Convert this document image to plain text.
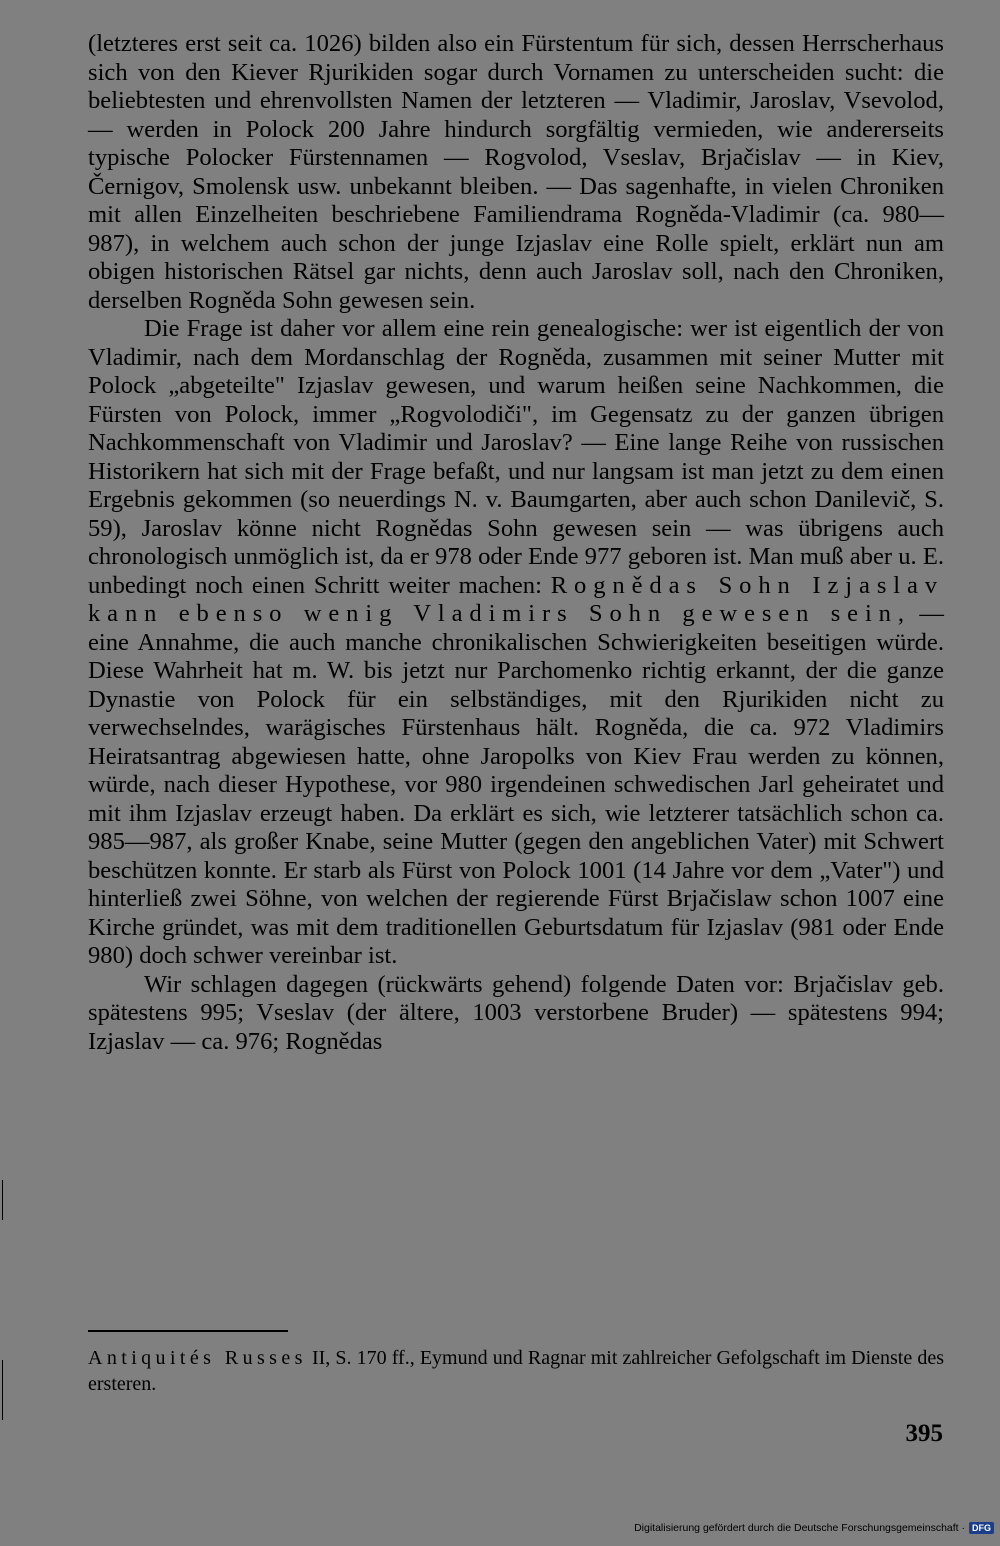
(letzteres erst seit ca. 1026) bilden also ein Fürstentum für sich, dessen Herrscherhaus sich von den Kiever Rjurikiden sogar durch Vornamen zu unterscheiden sucht: die beliebtesten und ehrenvollsten Namen der letzteren — Vladimir, Jaroslav, Vsevolod, — werden in Polock 200 Jahre hindurch sorgfältig vermieden, wie andererseits typische Polocker Fürstennamen — Rogvolod, Vseslav, Brjačislav — in Kiev, Černigov, Smolensk usw. unbekannt bleiben. — Das sagenhafte, in vielen Chroniken mit allen Einzelheiten beschriebene Familiendrama Rogněda-Vladimir (ca. 980—987), in welchem auch schon der junge Izjaslav eine Rolle spielt, erklärt nun am obigen historischen Rätsel gar nichts, denn auch Jaroslav soll, nach den Chroniken, derselben Rogněda Sohn gewesen sein.

Die Frage ist daher vor allem eine rein genealogische: wer ist eigentlich der von Vladimir, nach dem Mordanschlag der Rogněda, zusammen mit seiner Mutter mit Polock „abgeteilte" Izjaslav gewesen, und warum heißen seine Nachkommen, die Fürsten von Polock, immer „Rogvolodiči", im Gegensatz zu der ganzen übrigen Nachkommenschaft von Vladimir und Jaroslav? — Eine lange Reihe von russischen Historikern hat sich mit der Frage befaßt, und nur langsam ist man jetzt zu dem einen Ergebnis gekommen (so neuerdings N. v. Baumgarten, aber auch schon Danilevič, S. 59), Jaroslav könne nicht Rognědas Sohn gewesen sein — was übrigens auch chronologisch unmöglich ist, da er 978 oder Ende 977 geboren ist. Man muß aber u. E. unbedingt noch einen Schritt weiter machen: Rognědas Sohn Izjaslav kann ebenso wenig Vladimirs Sohn gewesen sein, — eine Annahme, die auch manche chronikalischen Schwierigkeiten beseitigen würde. Diese Wahrheit hat m. W. bis jetzt nur Parchomenko richtig erkannt, der die ganze Dynastie von Polock für ein selbständiges, mit den Rjurikiden nicht zu verwechselndes, warägisches Fürstenhaus hält. Rogněda, die ca. 972 Vladimirs Heiratsantrag abgewiesen hatte, ohne Jaropolks von Kiev Frau werden zu können, würde, nach dieser Hypothese, vor 980 irgendeinen schwedischen Jarl geheiratet und mit ihm Izjaslav erzeugt haben. Da erklärt es sich, wie letzterer tatsächlich schon ca. 985—987, als großer Knabe, seine Mutter (gegen den angeblichen Vater) mit Schwert beschützen konnte. Er starb als Fürst von Polock 1001 (14 Jahre vor dem „Vater") und hinterließ zwei Söhne, von welchen der regierende Fürst Brjačislaw schon 1007 eine Kirche gründet, was mit dem traditionellen Geburtsdatum für Izjaslav (981 oder Ende 980) doch schwer vereinbar ist.

Wir schlagen dagegen (rückwärts gehend) folgende Daten vor: Brjačislav geb. spätestens 995; Vseslav (der ältere, 1003 verstorbene Bruder) — spätestens 994; Izjaslav — ca. 976; Rognědas

Antiquités Russes II, S. 170 ff., Eymund und Ragnar mit zahlreicher Gefolgschaft im Dienste des ersteren.

395
Digitalisierung gefördert durch die Deutsche Forschungsgemeinschaft · DFG
